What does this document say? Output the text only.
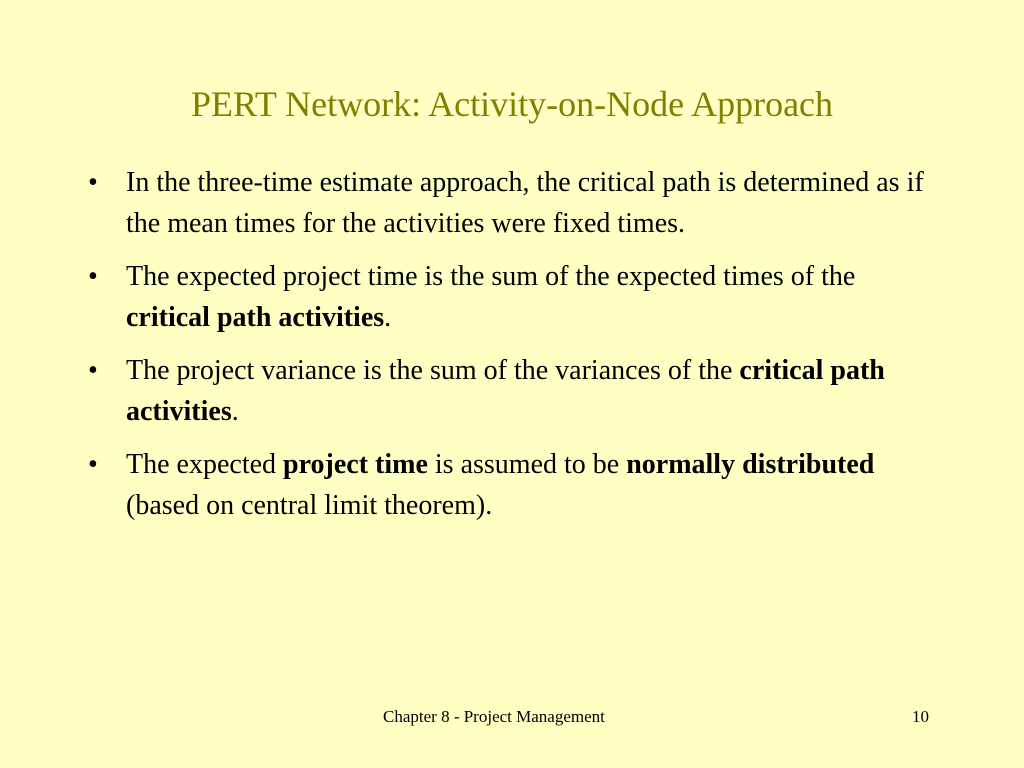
PERT Network: Activity-on-Node Approach
• In the three-time estimate approach, the critical path is determined as if the mean times for the activities were fixed times.
• The expected project time is the sum of the expected times of the critical path activities.
• The project variance is the sum of the variances of the critical path activities.
• The expected project time is assumed to be normally distributed (based on central limit theorem).
Chapter 8 - Project Management	10
